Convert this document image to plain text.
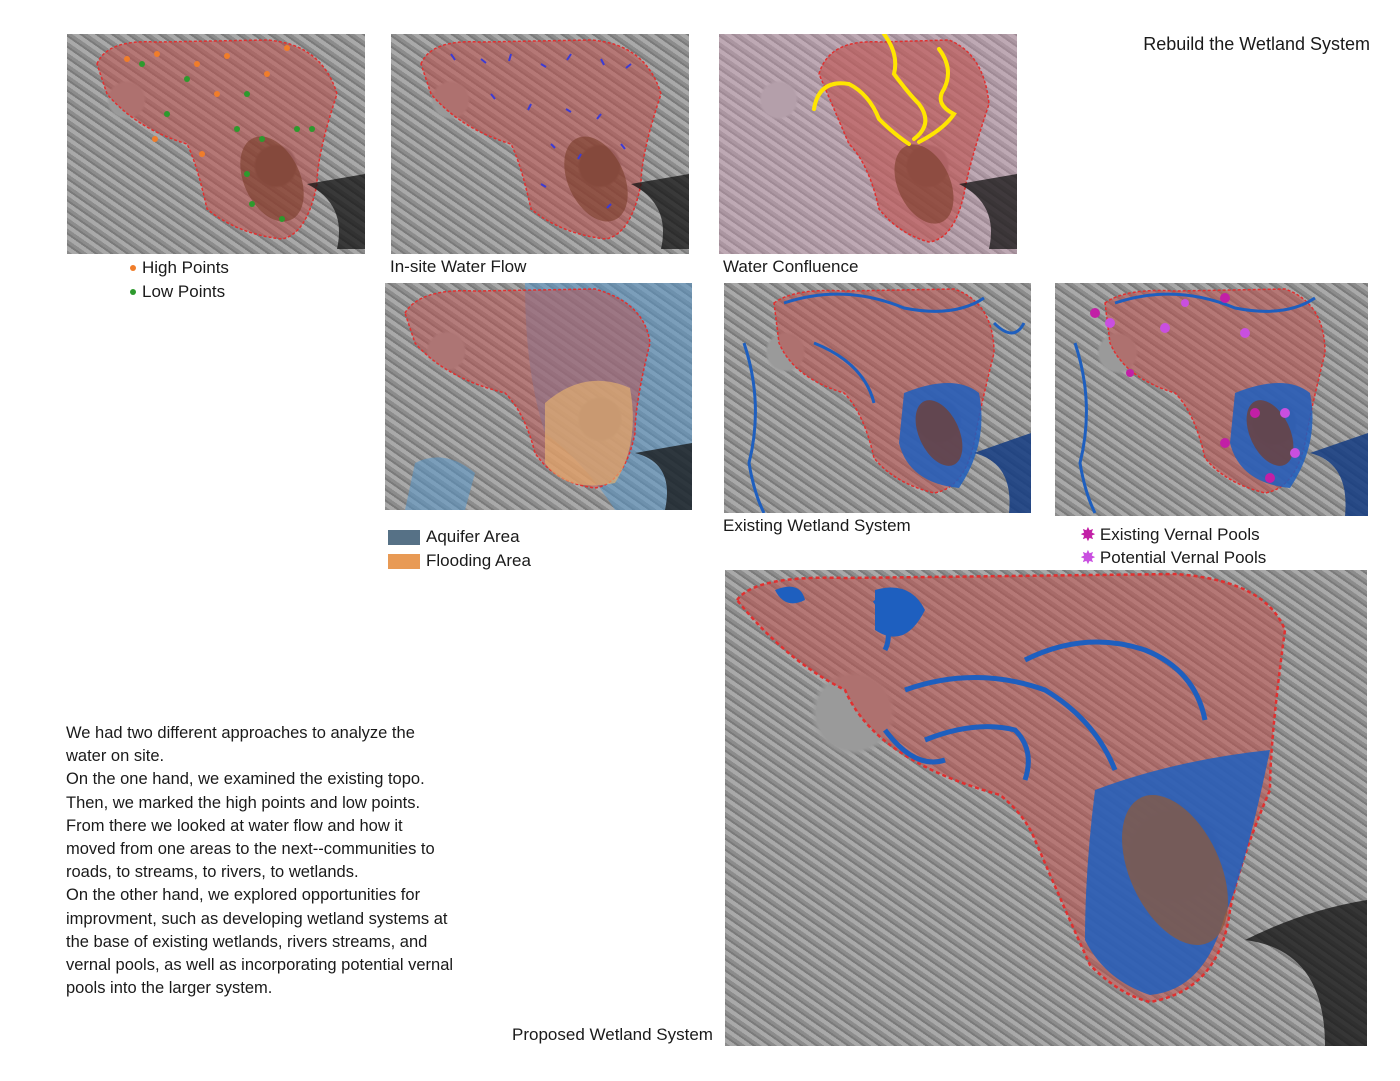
Rebuild the Wetland System
High Points
Low Points
In-site Water Flow	Water Confluence
Aquifer Area
Flooding Area
Existing Wetland System	✸ Existing Vernal Pools
✸ Potential Vernal Pools
Proposed Wetland System

We had two different approaches to analyze the water on site.

On the one hand, we examined the existing topo. Then, we marked the high points and low points. From there we looked at water flow and how it moved from one areas to the next--communities to roads, to streams, to rivers, to wetlands.

On the other hand, we explored opportunities for improvment, such as developing wetland systems at the base of existing wetlands, rivers streams, and vernal pools, as well as incorporating potential vernal pools into the larger system.
